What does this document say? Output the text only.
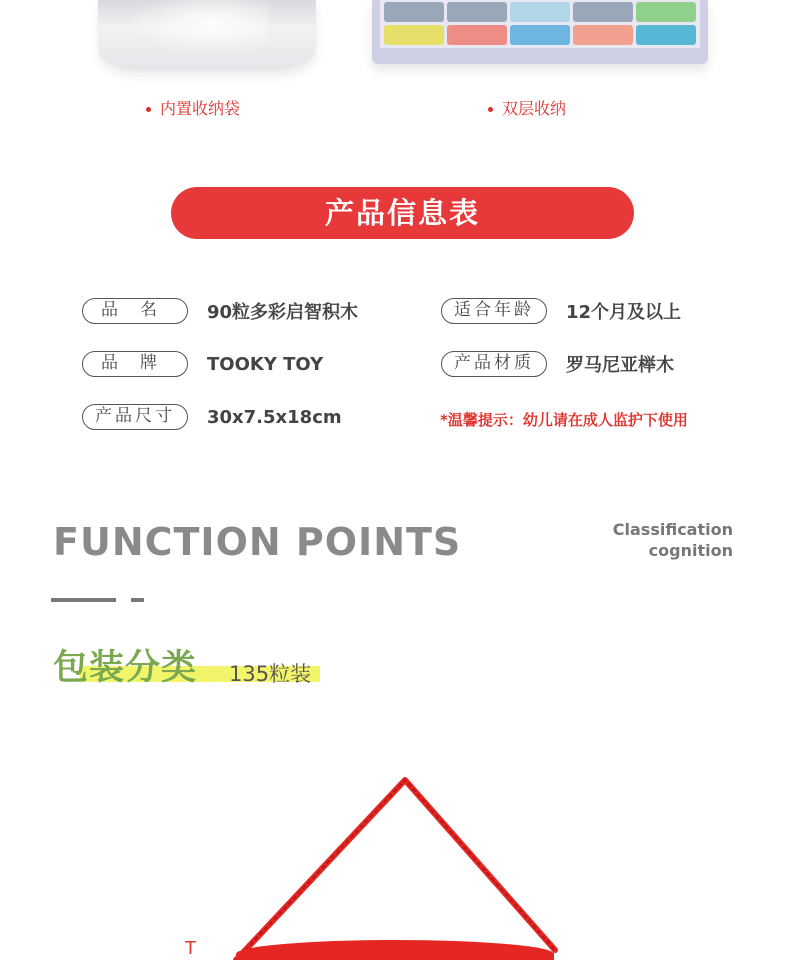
内置收纳袋	双层收纳
产品信息表
品名	90粒多彩启智积木
品牌	TOOKY TOY
产品尺寸	30x7.5x18cm
适合年龄	12个月及以上
产品材质	罗马尼亚榉木
*温馨提示：幼儿请在成人监护下使用
FUNCTION POINTS	Classification
cognition
包装分类 135粒装
T
